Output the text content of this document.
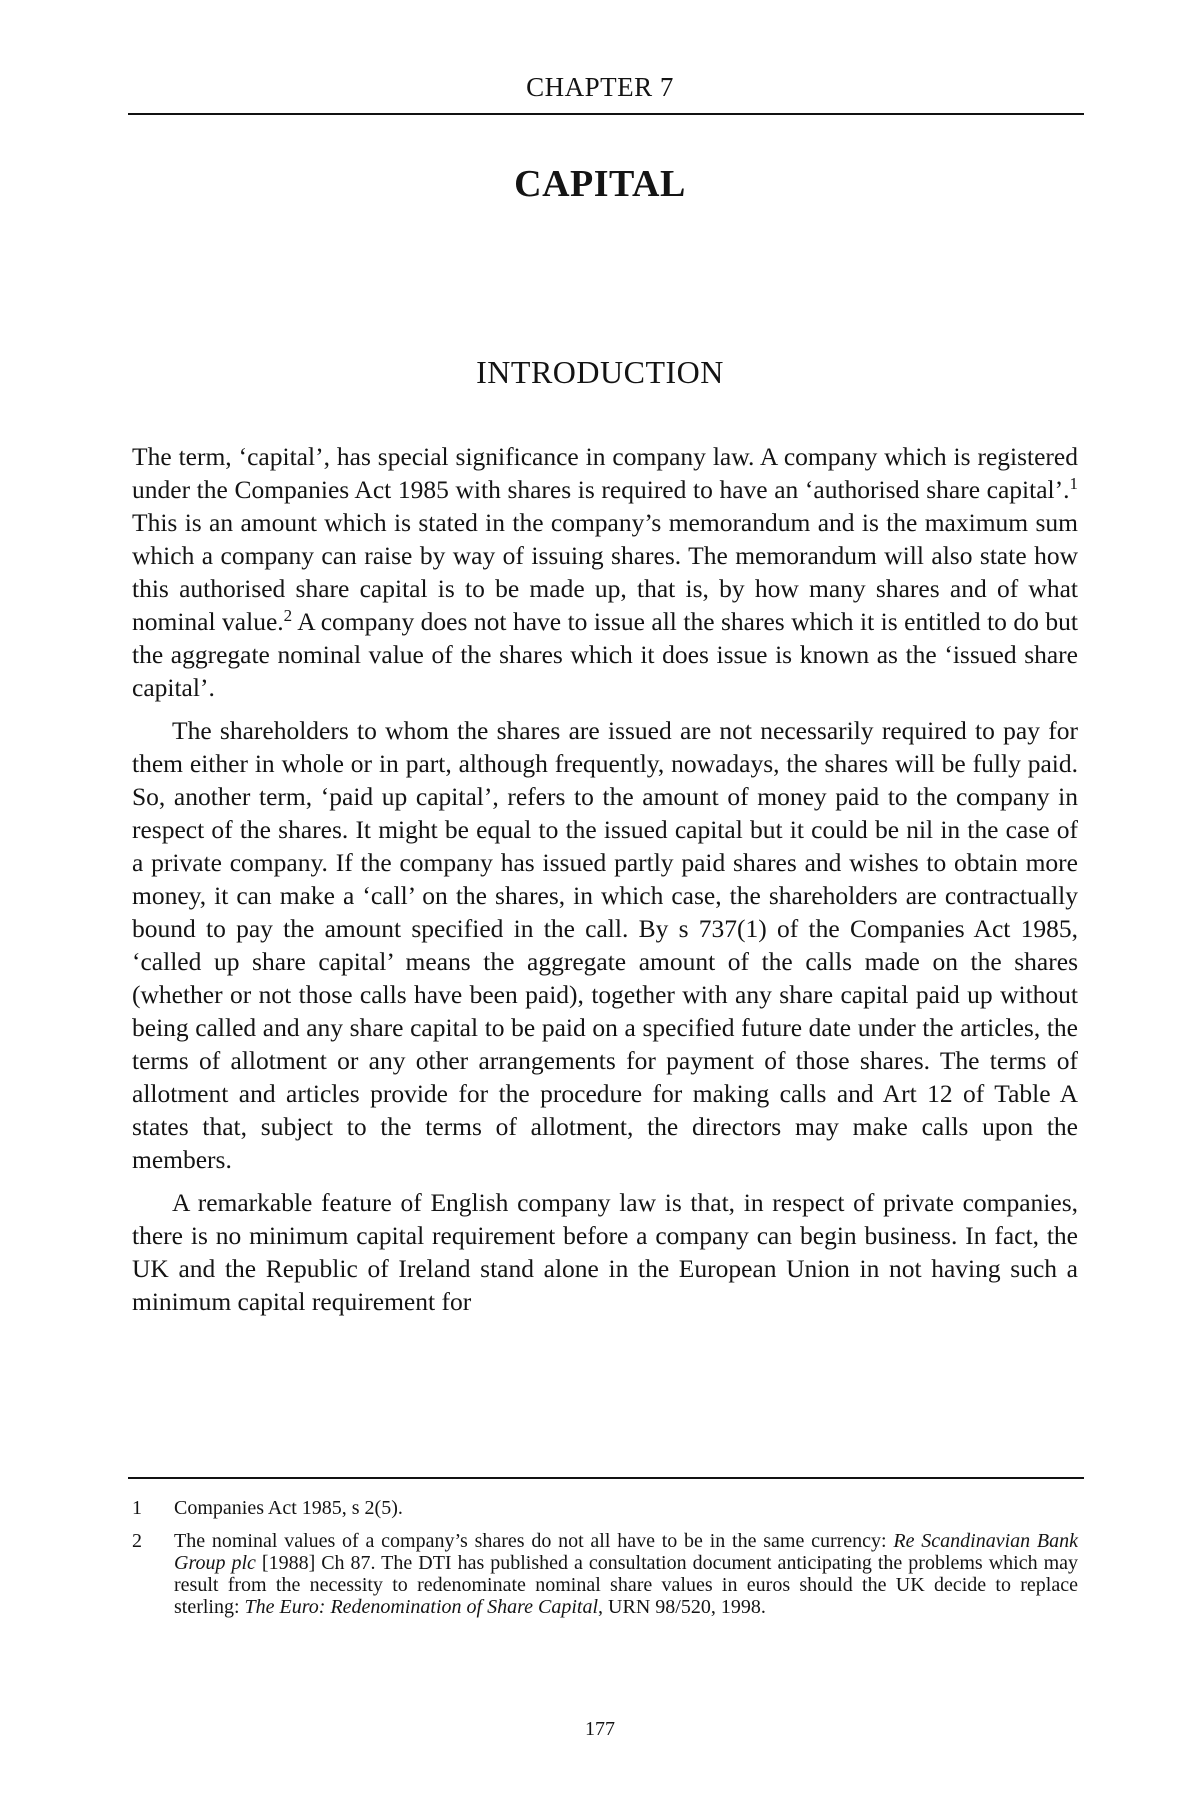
CHAPTER 7
CAPITAL
INTRODUCTION

The term, ‘capital’, has special significance in company law. A company which is registered under the Companies Act 1985 with shares is required to have an ‘authorised share capital’.$^1$ This is an amount which is stated in the company’s memorandum and is the maximum sum which a company can raise by way of issuing shares. The memorandum will also state how this authorised share capital is to be made up, that is, by how many shares and of what nominal value.$^2$ A company does not have to issue all the shares which it is entitled to do but the aggregate nominal value of the shares which it does issue is known as the ‘issued share capital’.

The shareholders to whom the shares are issued are not necessarily required to pay for them either in whole or in part, although frequently, nowadays, the shares will be fully paid. So, another term, ‘paid up capital’, refers to the amount of money paid to the company in respect of the shares. It might be equal to the issued capital but it could be nil in the case of a private company. If the company has issued partly paid shares and wishes to obtain more money, it can make a ‘call’ on the shares, in which case, the shareholders are contractually bound to pay the amount specified in the call. By s 737(1) of the Companies Act 1985, ‘called up share capital’ means the aggregate amount of the calls made on the shares (whether or not those calls have been paid), together with any share capital paid up without being called and any share capital to be paid on a specified future date under the articles, the terms of allotment or any other arrangements for payment of those shares. The terms of allotment and articles provide for the procedure for making calls and Art 12 of Table A states that, subject to the terms of allotment, the directors may make calls upon the members.

A remarkable feature of English company law is that, in respect of private companies, there is no minimum capital requirement before a company can begin business. In fact, the UK and the Republic of Ireland stand alone in the European Union in not having such a minimum capital requirement for

1	Companies Act 1985, s 2(5).
2	The nominal values of a company’s shares do not all have to be in the same currency: Re Scandinavian Bank Group plc [1988] Ch 87. The DTI has published a consultation document anticipating the problems which may result from the necessity to redenominate nominal share values in euros should the UK decide to replace sterling: The Euro: Redenomination of Share Capital, URN 98/520, 1998.
177
